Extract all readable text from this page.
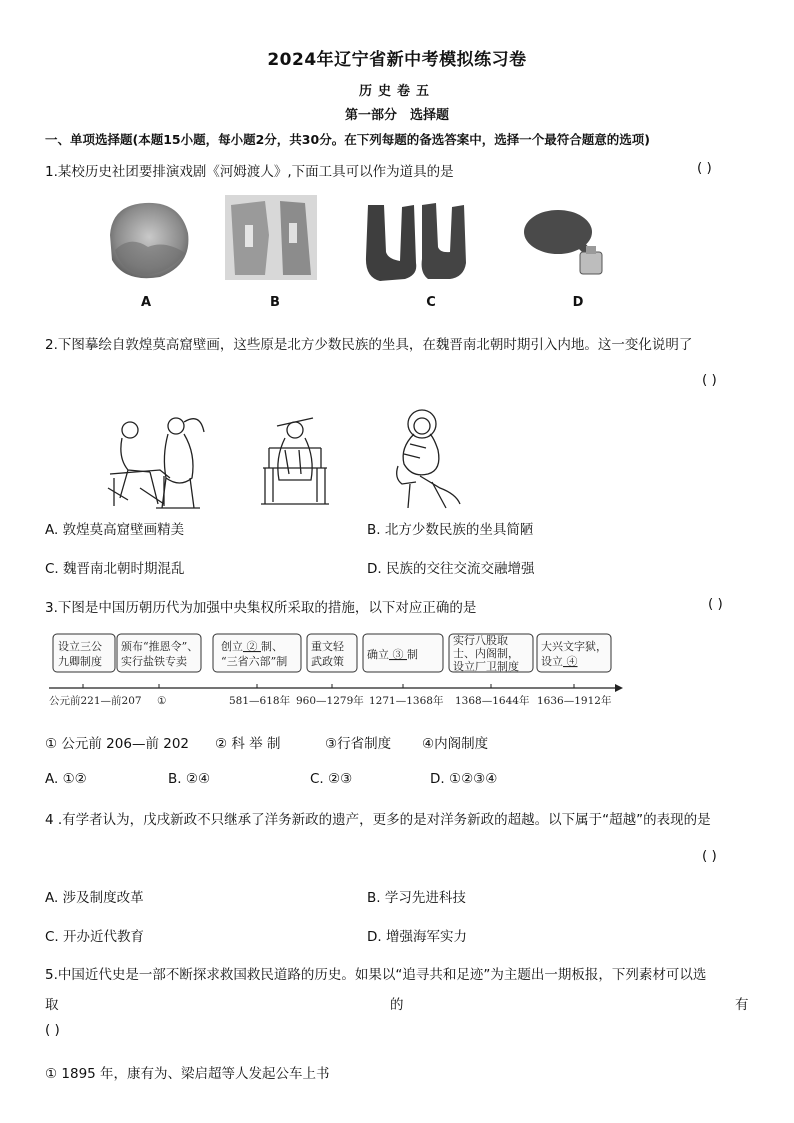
2024年辽宁省新中考模拟练习卷
历史卷五
第一部分　选择题
一、单项选择题(本题15小题，每小题2分，共30分。在下列每题的备选答案中，选择一个最符合题意的选项)
1.某校历史社团要排演戏剧《河姆渡人》,下面工具可以作为道具的是	( )
A	B	C	D
2.下图摹绘自敦煌莫高窟壁画，这些原是北方少数民族的坐具，在魏晋南北朝时期引入内地。这一变化说明了
( )
A. 敦煌莫高窟壁画精美	B. 北方少数民族的坐具简陋
C. 魏晋南北朝时期混乱	D. 民族的交往交流交融增强
3.下图是中国历朝历代为加强中央集权所采取的措施，以下对应正确的是	( )
设立三公
九卿制度
颁布“推恩令”、
实行盐铁专卖
创立 ② 制、
“三省六部”制
重文轻
武政策
确立 ③ 制
实行八股取
士、内阁制，
设立厂卫制度
大兴文字狱，
设立 ④
公元前221—前207 ①	581—618年 960—1279年 1271—1368年 1368—1644年 1636—1912年
① 公元前 206—前 202 ② 科 举 制	③行省制度 ④内阁制度
A. ①②	B. ②④	C. ②③	D. ①②③④
4 .有学者认为，戊戌新政不只继承了洋务新政的遗产，更多的是对洋务新政的超越。以下属于“超越”的表现的是
( )
A. 涉及制度改革	B. 学习先进科技
C. 开办近代教育	D. 增强海军实力
5.中国近代史是一部不断探求救国救民道路的历史。如果以“追寻共和足迹”为主题出一期板报，下列素材可以选
取	的	有
( )
① 1895 年，康有为、梁启超等人发起公车上书
